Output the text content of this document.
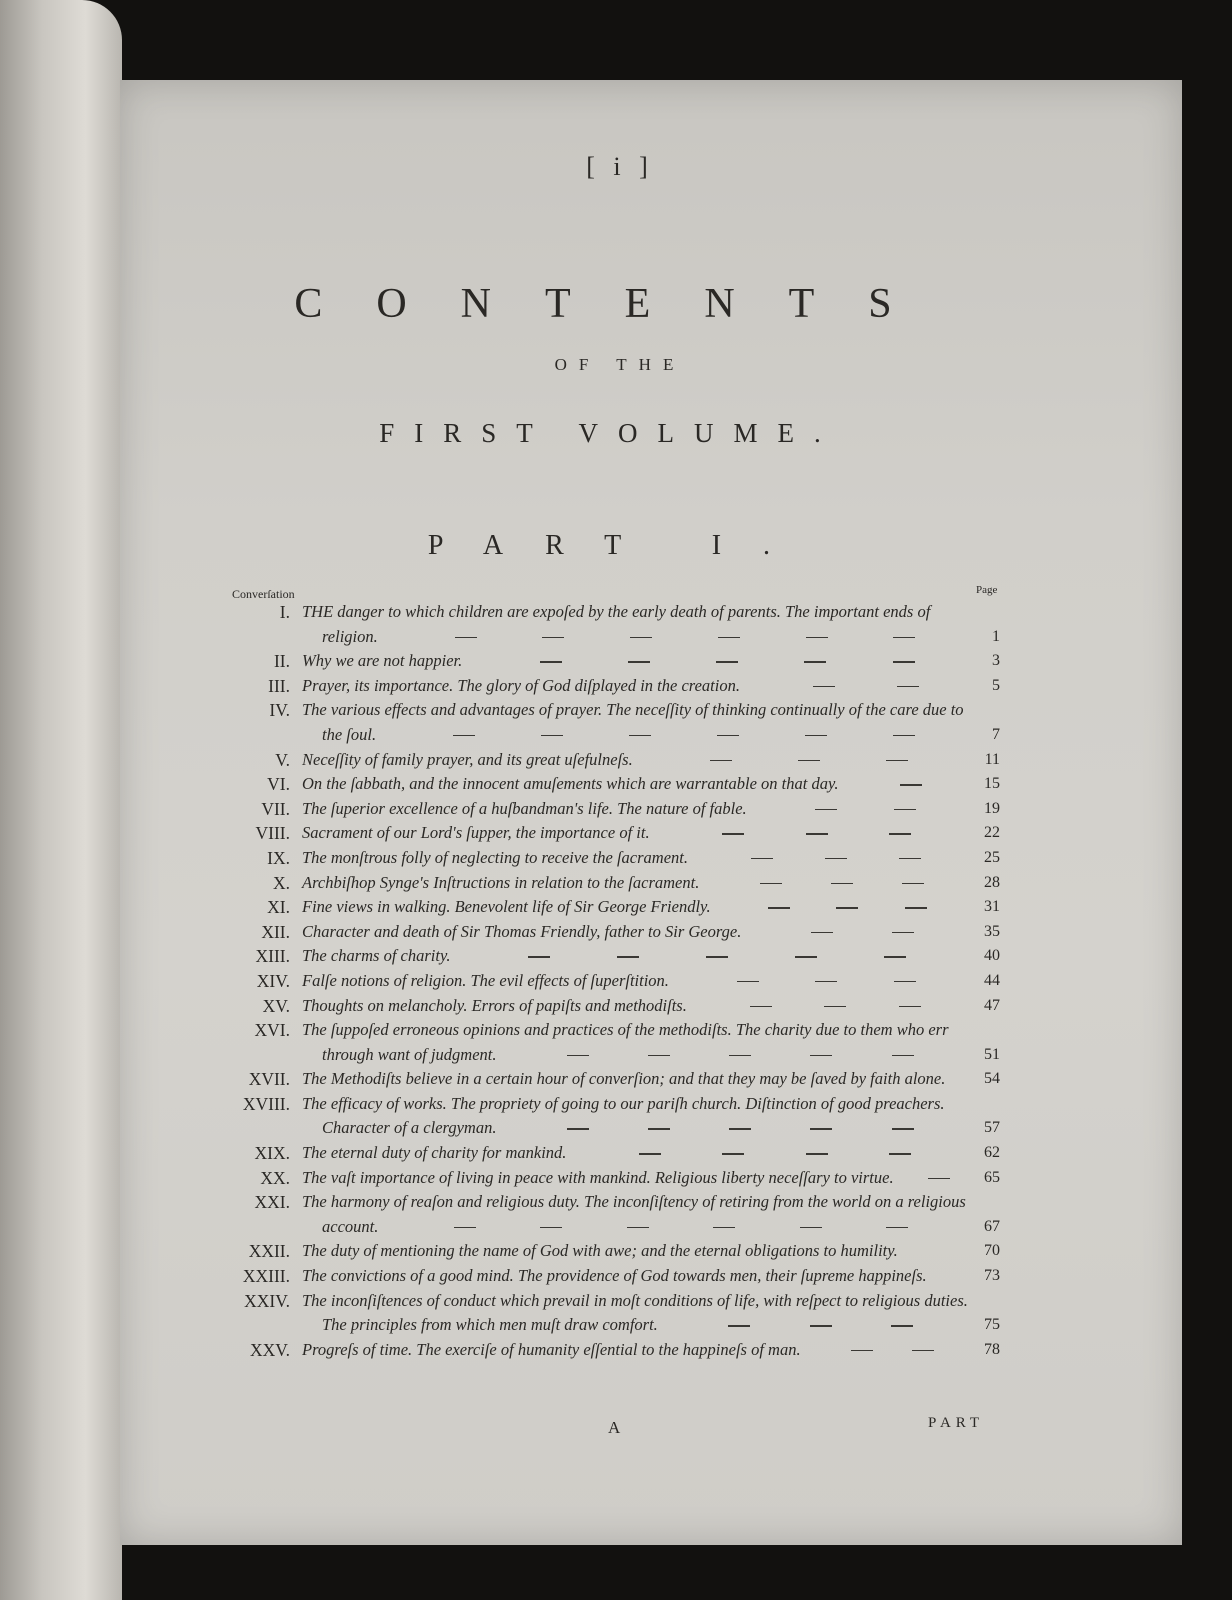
[ i ]
CONTENTS
OF THE
FIRST VOLUME.
PART I.
Converſation	Page
I. THE danger to which children are expoſed by the early death of parents. The important ends of
religion.	1
II. Why we are not happier.	3
III. Prayer, its importance. The glory of God diſplayed in the creation.	5
IV. The various effects and advantages of prayer. The neceſſity of thinking continually of the care due to
the ſoul.	7
V. Neceſſity of family prayer, and its great uſefulneſs.	11
VI. On the ſabbath, and the innocent amuſements which are warrantable on that day.	15
VII. The ſuperior excellence of a huſbandman's life. The nature of fable.	19
VIII. Sacrament of our Lord's ſupper, the importance of it.	22
IX. The monſtrous folly of neglecting to receive the ſacrament.	25
X. Archbiſhop Synge's Inſtructions in relation to the ſacrament.	28
XI. Fine views in walking. Benevolent life of Sir George Friendly.	31
XII. Character and death of Sir Thomas Friendly, father to Sir George.	35
XIII. The charms of charity.	40
XIV. Falſe notions of religion. The evil effects of ſuperſtition.	44
XV. Thoughts on melancholy. Errors of papiſts and methodiſts.	47
XVI. The ſuppoſed erroneous opinions and practices of the methodiſts. The charity due to them who err
through want of judgment.	51
XVII. The Methodiſts believe in a certain hour of converſion; and that they may be ſaved by faith alone. 54
XVIII. The efficacy of works. The propriety of going to our pariſh church. Diſtinction of good preachers.
Character of a clergyman.	57
XIX. The eternal duty of charity for mankind.	62
XX. The vaſt importance of living in peace with mankind. Religious liberty neceſſary to virtue.	65
XXI. The harmony of reaſon and religious duty. The inconſiſtency of retiring from the world on a religious
account.	67
XXII. The duty of mentioning the name of God with awe; and the eternal obligations to humility.	70
XXIII. The convictions of a good mind. The providence of God towards men, their ſupreme happineſs.	73
XXIV. The inconſiſtences of conduct which prevail in moſt conditions of life, with reſpect to religious duties.
The principles from which men muſt draw comfort.	75
XXV. Progreſs of time. The exerciſe of humanity eſſential to the happineſs of man.	78
A	PART
